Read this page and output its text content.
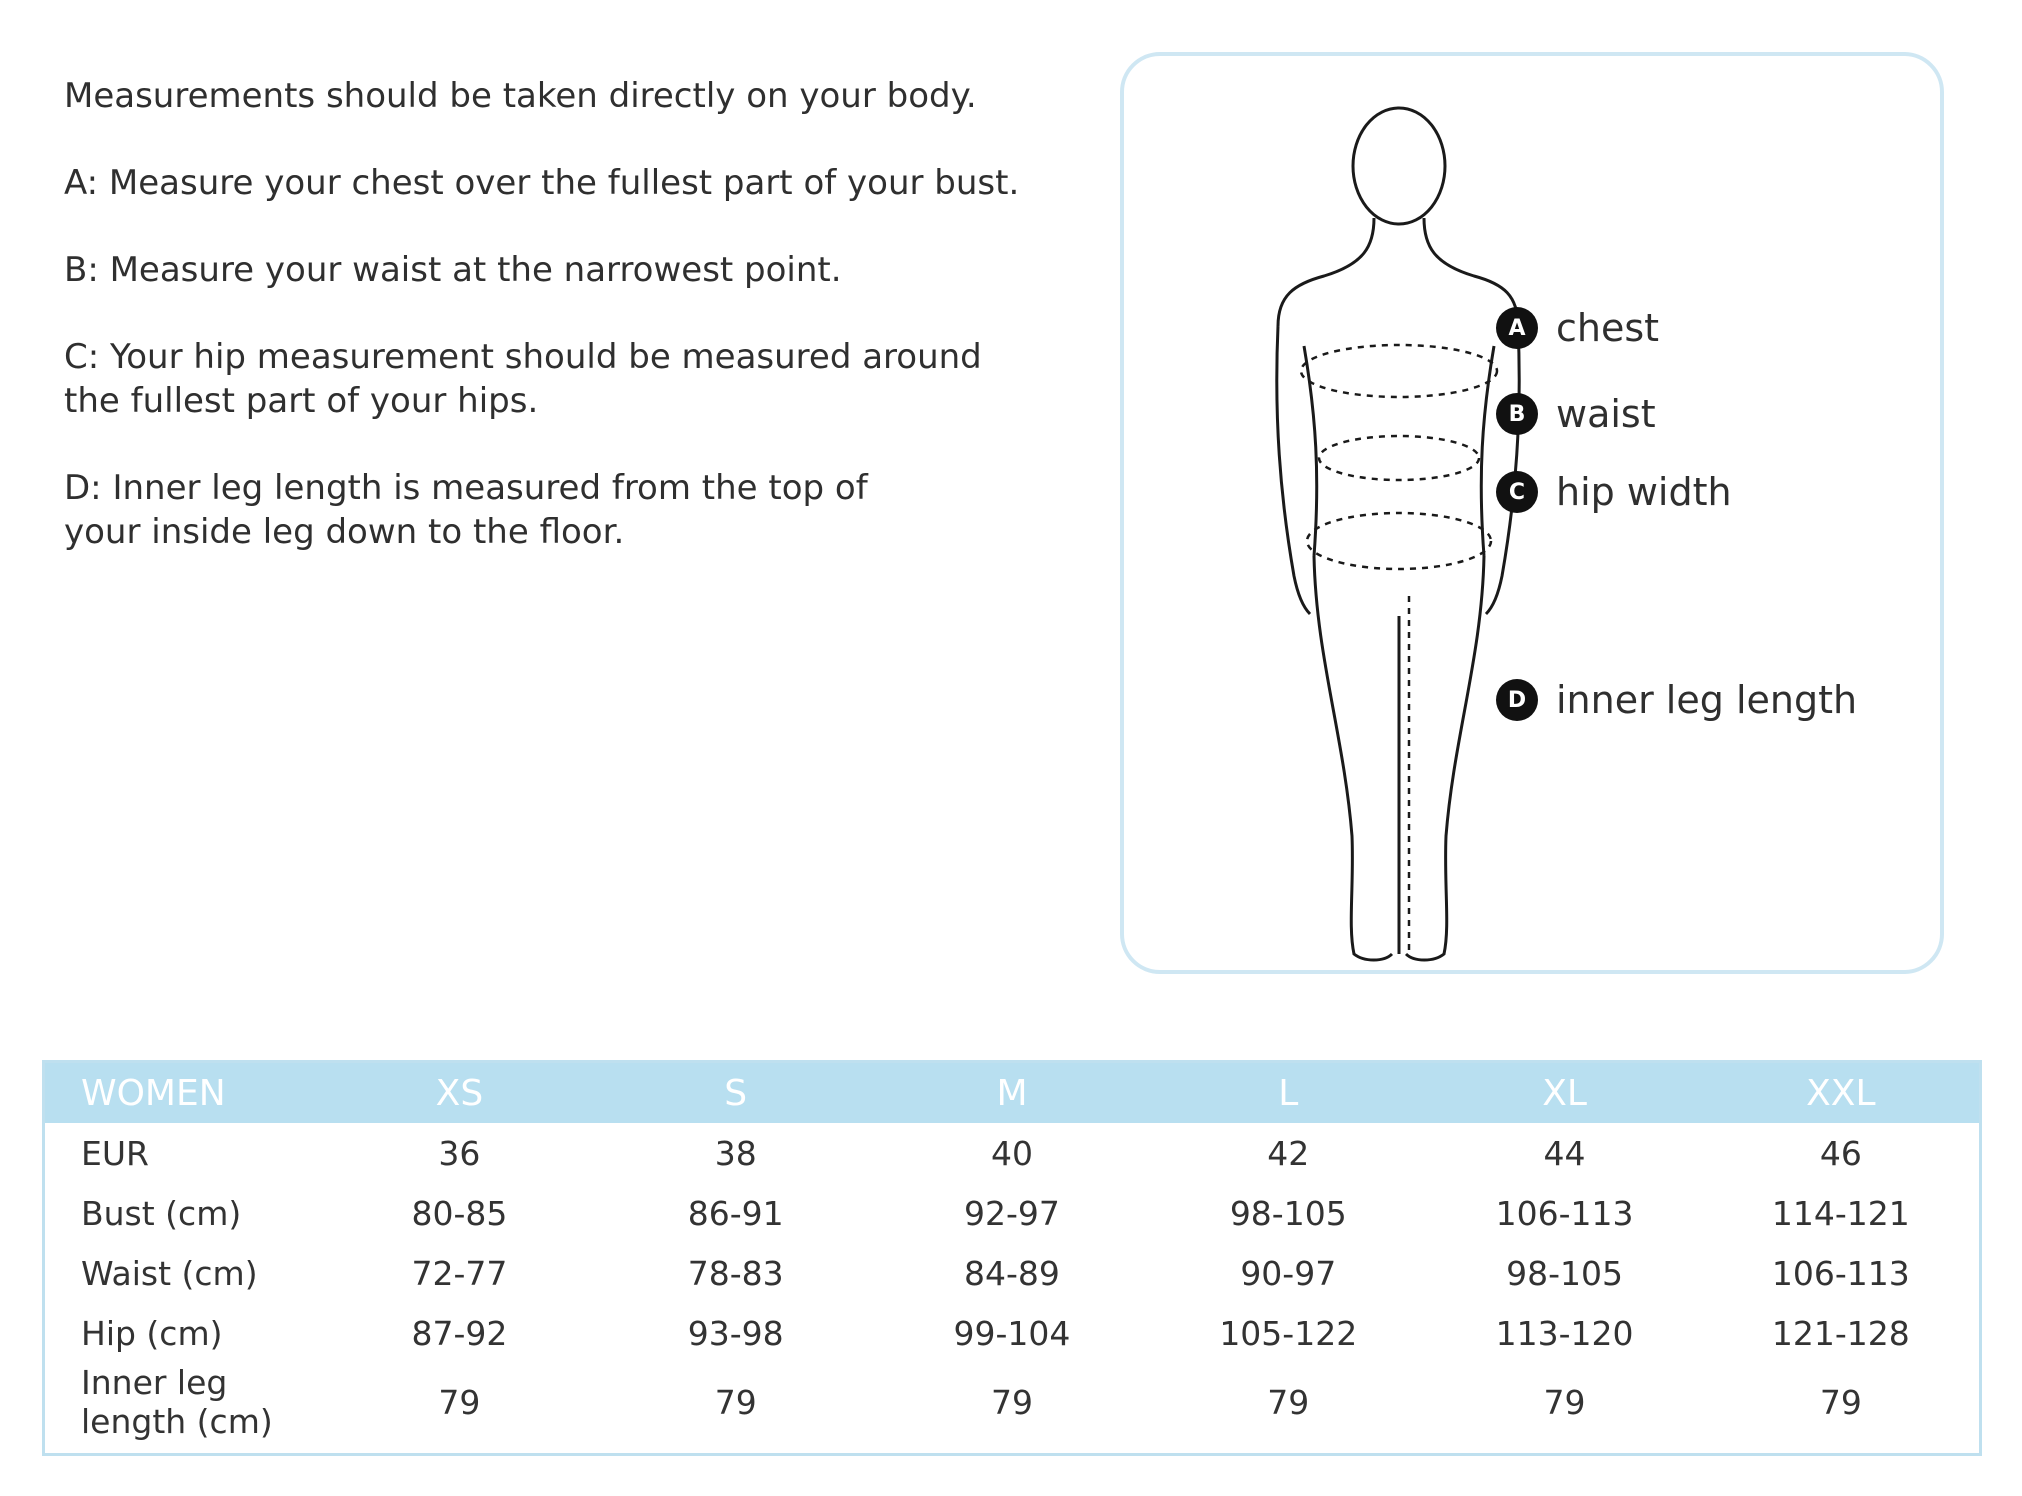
Measurements should be taken directly on your body.

A: Measure your chest over the fullest part of your bust.

B: Measure your waist at the narrowest point.

C: Your hip measurement should be measured around
the fullest part of your hips.

D: Inner leg length is measured from the top of
your inside leg down to the floor.

A chest
B waist
C hip width
D inner leg length
WOMEN	XS	S	M	L	XL	XXL
EUR	36	38	40	42	44	46
Bust (cm)	80-85	86-91	92-97	98-105	106-113	114-121
Waist (cm)	72-77	78-83	84-89	90-97	98-105	106-113
Hip (cm)	87-92	93-98	99-104	105-122	113-120	121-128
Inner leg length (cm)	79	79	79	79	79	79
